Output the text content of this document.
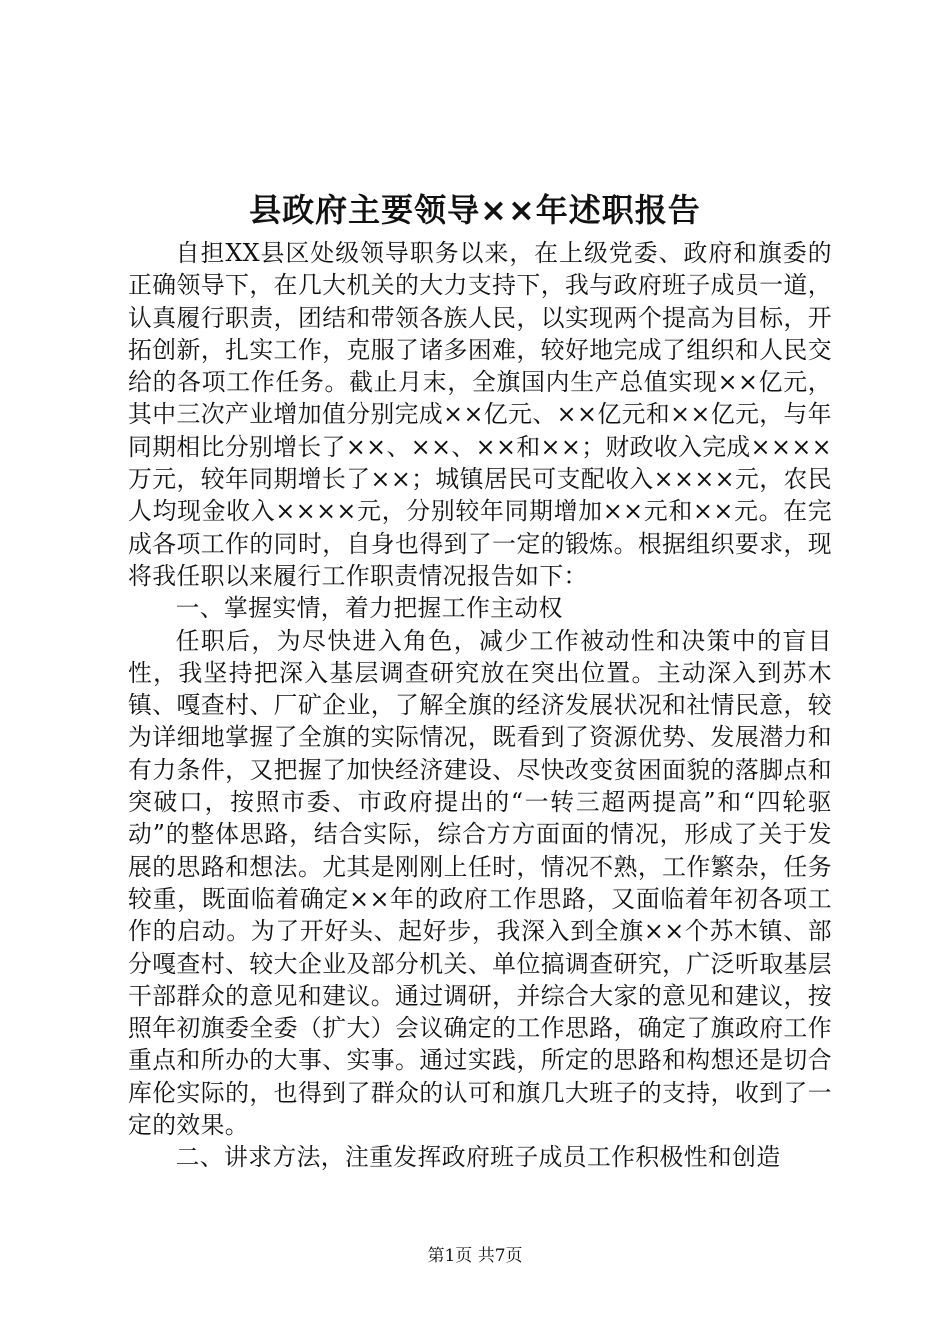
县政府主要领导××年述职报告

自担XX县区处级领导职务以来，在上级党委、政府和旗委的正确领导下，在几大机关的大力支持下，我与政府班子成员一道，认真履行职责，团结和带领各族人民，以实现两个提高为目标，开拓创新，扎实工作，克服了诸多困难，较好地完成了组织和人民交给的各项工作任务。截止月末，全旗国内生产总值实现××亿元，其中三次产业增加值分别完成××亿元、××亿元和××亿元，与年同期相比分别增长了××、××、××和××；财政收入完成××××万元，较年同期增长了××；城镇居民可支配收入××××元，农民人均现金收入××××元，分别较年同期增加××元和××元。在完成各项工作的同时，自身也得到了一定的锻炼。根据组织要求，现将我任职以来履行工作职责情况报告如下：

一、掌握实情，着力把握工作主动权

任职后，为尽快进入角色，减少工作被动性和决策中的盲目性，我坚持把深入基层调查研究放在突出位置。主动深入到苏木镇、嘎查村、厂矿企业，了解全旗的经济发展状况和社情民意，较为详细地掌握了全旗的实际情况，既看到了资源优势、发展潜力和有力条件，又把握了加快经济建设、尽快改变贫困面貌的落脚点和突破口，按照市委、市政府提出的“一转三超两提高”和“四轮驱动”的整体思路，结合实际，综合方方面面的情况，形成了关于发展的思路和想法。尤其是刚刚上任时，情况不熟，工作繁杂，任务较重，既面临着确定××年的政府工作思路，又面临着年初各项工作的启动。为了开好头、起好步，我深入到全旗××个苏木镇、部分嘎查村、较大企业及部分机关、单位搞调查研究，广泛听取基层干部群众的意见和建议。通过调研，并综合大家的意见和建议，按照年初旗委全委（扩大）会议确定的工作思路，确定了旗政府工作重点和所办的大事、实事。通过实践，所定的思路和构想还是切合库伦实际的，也得到了群众的认可和旗几大班子的支持，收到了一定的效果。

二、讲求方法，注重发挥政府班子成员工作积极性和创造

第1页 共7页
